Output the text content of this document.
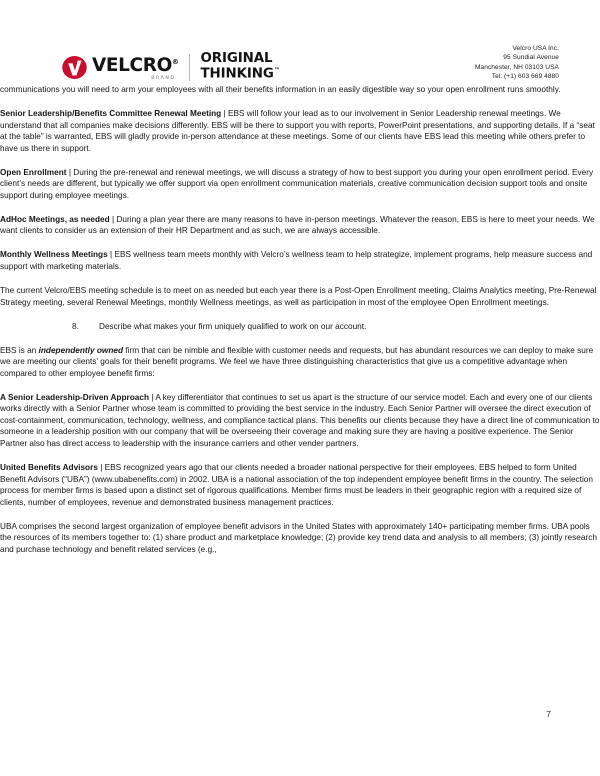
VELCRO®
BRAND
ORIGINAL
THINKING™
Velcro USA Inc.
95 Sundial Avenue
Manchester, NH 03103 USA
Tel: (+1) 603 669 4880

communications you will need to arm your employees with all their benefits information in an easily digestible way so your open enrollment runs smoothly.

Senior Leadership/Benefits Committee Renewal Meeting | EBS will follow your lead as to our involvement in Senior Leadership renewal meetings. We understand that all companies make decisions differently. EBS will be there to support you with reports, PowerPoint presentations, and supporting details. If a “seat at the table” is warranted, EBS will gladly provide in-person attendance at these meetings. Some of our clients have EBS lead this meeting while others prefer to have us there in support.

Open Enrollment | During the pre-renewal and renewal meetings, we will discuss a strategy of how to best support you during your open enrollment period. Every client’s needs are different, but typically we offer support via open enrollment communication materials, creative communication decision support tools and onsite support during employee meetings.

AdHoc Meetings, as needed | During a plan year there are many reasons to have in-person meetings. Whatever the reason, EBS is here to meet your needs. We want clients to consider us an extension of their HR Department and as such, we are always accessible.

Monthly Wellness Meetings | EBS wellness team meets monthly with Velcro’s wellness team to help strategize, implement programs, help measure success and support with marketing materials.

The current Velcro/EBS meeting schedule is to meet on as needed but each year there is a Post-Open Enrollment meeting, Claims Analytics meeting, Pre-Renewal Strategy meeting, several Renewal Meetings, monthly Wellness meetings, as well as participation in most of the employee Open Enrollment meetings.

8.	Describe what makes your firm uniquely qualified to work on our account.

EBS is an independently owned firm that can be nimble and flexible with customer needs and requests, but has abundant resources we can deploy to make sure we are meeting our clients’ goals for their benefit programs. We feel we have three distinguishing characteristics that give us a competitive advantage when compared to other employee benefit firms:

A Senior Leadership-Driven Approach | A key differentiator that continues to set us apart is the structure of our service model. Each and every one of our clients works directly with a Senior Partner whose team is committed to providing the best service in the industry. Each Senior Partner will oversee the direct execution of cost-containment, communication, technology, wellness, and compliance tactical plans. This benefits our clients because they have a direct line of communication to someone in a leadership position with our company that will be overseeing their coverage and making sure they are having a positive experience. The Senior Partner also has direct access to leadership with the insurance carriers and other vender partners.

United Benefits Advisors | EBS recognized years ago that our clients needed a broader national perspective for their employees. EBS helped to form United Benefit Advisors (“UBA”) (www.ubabenefits.com) in 2002. UBA is a national association of the top independent employee benefit firms in the country. The selection process for member firms is based upon a distinct set of rigorous qualifications. Member firms must be leaders in their geographic region with a required size of clients, number of employees, revenue and demonstrated business management practices.

UBA comprises the second largest organization of employee benefit advisors in the United States with approximately 140+ participating member firms. UBA pools the resources of its members together to: (1) share product and marketplace knowledge; (2) provide key trend data and analysis to all members; (3) jointly research and purchase technology and benefit related services (e.g.,

7
